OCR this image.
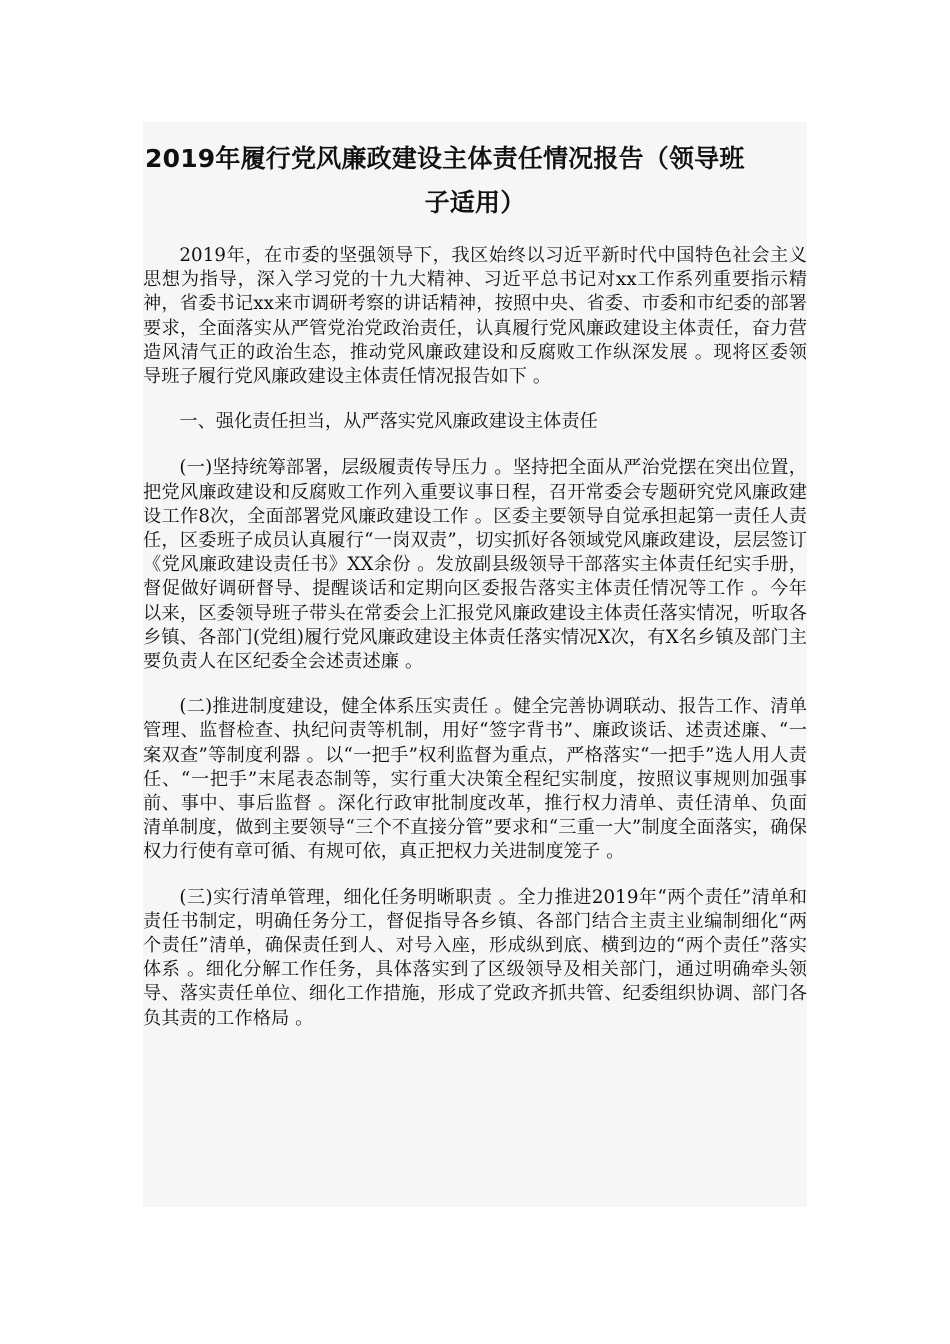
2019年履行党风廉政建设主体责任情况报告（领导班
子适用）

2019年，在市委的坚强领导下，我区始终以习近平新时代中国特色社会主义思想为指导，深入学习党的十九大精神、习近平总书记对xx工作系列重要指示精神，省委书记xx来市调研考察的讲话精神，按照中央、省委、市委和市纪委的部署要求，全面落实从严管党治党政治责任，认真履行党风廉政建设主体责任，奋力营造风清气正的政治生态，推动党风廉政建设和反腐败工作纵深发展 。现将区委领导班子履行党风廉政建设主体责任情况报告如下 。

一、强化责任担当，从严落实党风廉政建设主体责任

(一)坚持统筹部署，层级履责传导压力 。坚持把全面从严治党摆在突出位置，把党风廉政建设和反腐败工作列入重要议事日程，召开常委会专题研究党风廉政建设工作8次，全面部署党风廉政建设工作 。区委主要领导自觉承担起第一责任人责任，区委班子成员认真履行“一岗双责”，切实抓好各领域党风廉政建设，层层签订《党风廉政建设责任书》XX余份 。发放副县级领导干部落实主体责任纪实手册，督促做好调研督导、提醒谈话和定期向区委报告落实主体责任情况等工作 。今年以来，区委领导班子带头在常委会上汇报党风廉政建设主体责任落实情况，听取各乡镇、各部门(党组)履行党风廉政建设主体责任落实情况X次，有X名乡镇及部门主要负责人在区纪委全会述责述廉 。

(二)推进制度建设，健全体系压实责任 。健全完善协调联动、报告工作、清单管理、监督检查、执纪问责等机制，用好“签字背书”、廉政谈话、述责述廉、“一案双查”等制度利器 。以“一把手”权利监督为重点，严格落实“一把手”选人用人责任、“一把手”末尾表态制等，实行重大决策全程纪实制度，按照议事规则加强事前、事中、事后监督 。深化行政审批制度改革，推行权力清单、责任清单、负面清单制度，做到主要领导“三个不直接分管”要求和“三重一大”制度全面落实，确保权力行使有章可循、有规可依，真正把权力关进制度笼子 。

(三)实行清单管理，细化任务明晰职责 。全力推进2019年“两个责任”清单和责任书制定，明确任务分工，督促指导各乡镇、各部门结合主责主业编制细化“两个责任”清单，确保责任到人、对号入座，形成纵到底、横到边的“两个责任”落实体系 。细化分解工作任务，具体落实到了区级领导及相关部门，通过明确牵头领导、落实责任单位、细化工作措施，形成了党政齐抓共管、纪委组织协调、部门各负其责的工作格局 。
